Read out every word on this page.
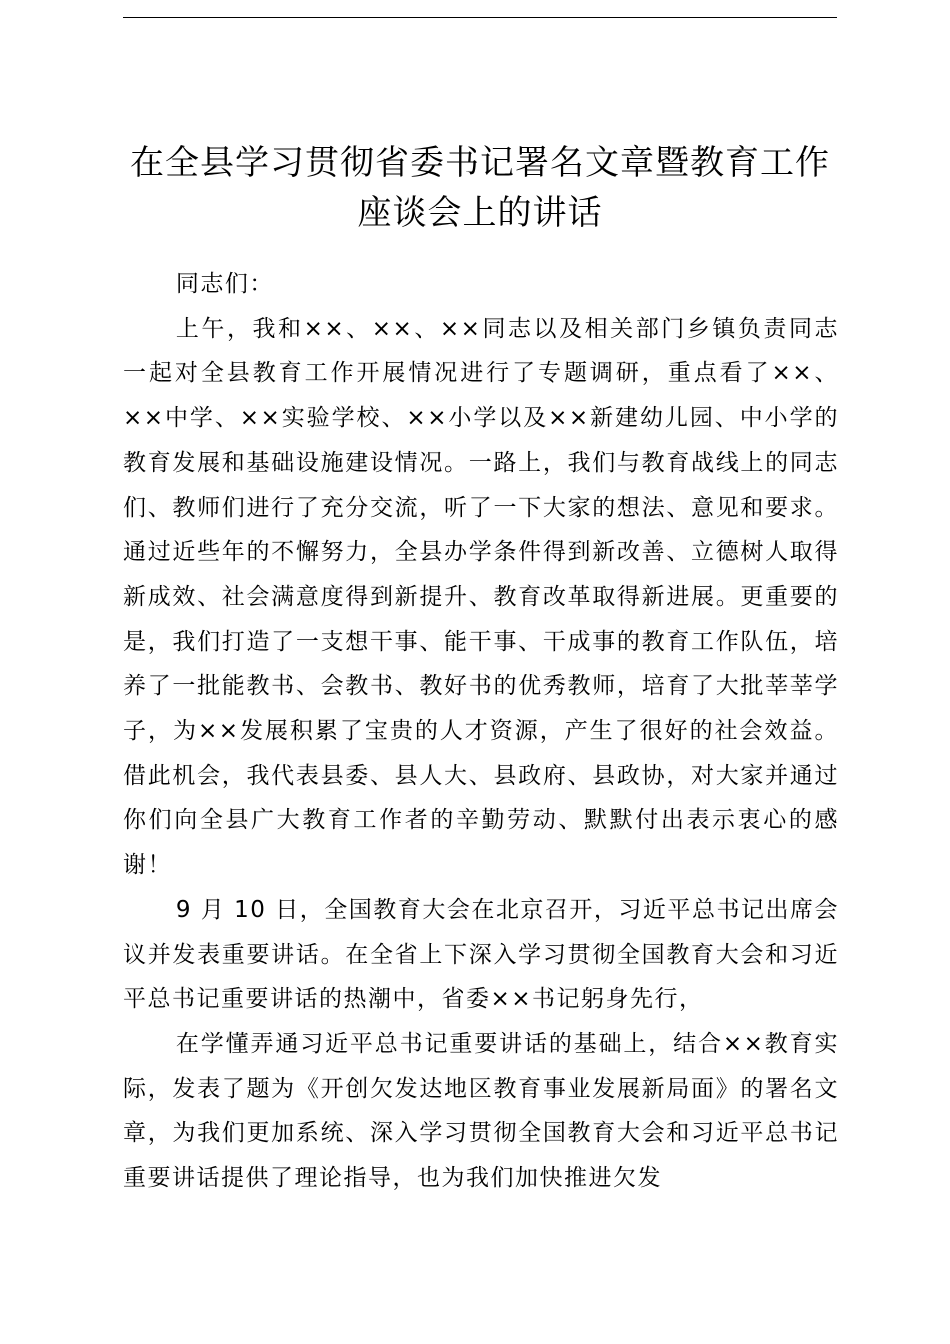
在全县学习贯彻省委书记署名文章暨教育工作
座谈会上的讲话

同志们：

上午，我和××、××、××同志以及相关部门乡镇负责同志一起对全县教育工作开展情况进行了专题调研，重点看了××、××中学、××实验学校、××小学以及××新建幼儿园、中小学的教育发展和基础设施建设情况。一路上，我们与教育战线上的同志们、教师们进行了充分交流，听了一下大家的想法、意见和要求。通过近些年的不懈努力，全县办学条件得到新改善、立德树人取得新成效、社会满意度得到新提升、教育改革取得新进展。更重要的是，我们打造了一支想干事、能干事、干成事的教育工作队伍，培养了一批能教书、会教书、教好书的优秀教师，培育了大批莘莘学子，为××发展积累了宝贵的人才资源，产生了很好的社会效益。借此机会，我代表县委、县人大、县政府、县政协，对大家并通过你们向全县广大教育工作者的辛勤劳动、默默付出表示衷心的感谢！

9 月 10 日，全国教育大会在北京召开，习近平总书记出席会议并发表重要讲话。在全省上下深入学习贯彻全国教育大会和习近平总书记重要讲话的热潮中，省委××书记躬身先行，

在学懂弄通习近平总书记重要讲话的基础上，结合××教育实际，发表了题为《开创欠发达地区教育事业发展新局面》的署名文章，为我们更加系统、深入学习贯彻全国教育大会和习近平总书记重要讲话提供了理论指导，也为我们加快推进欠发
